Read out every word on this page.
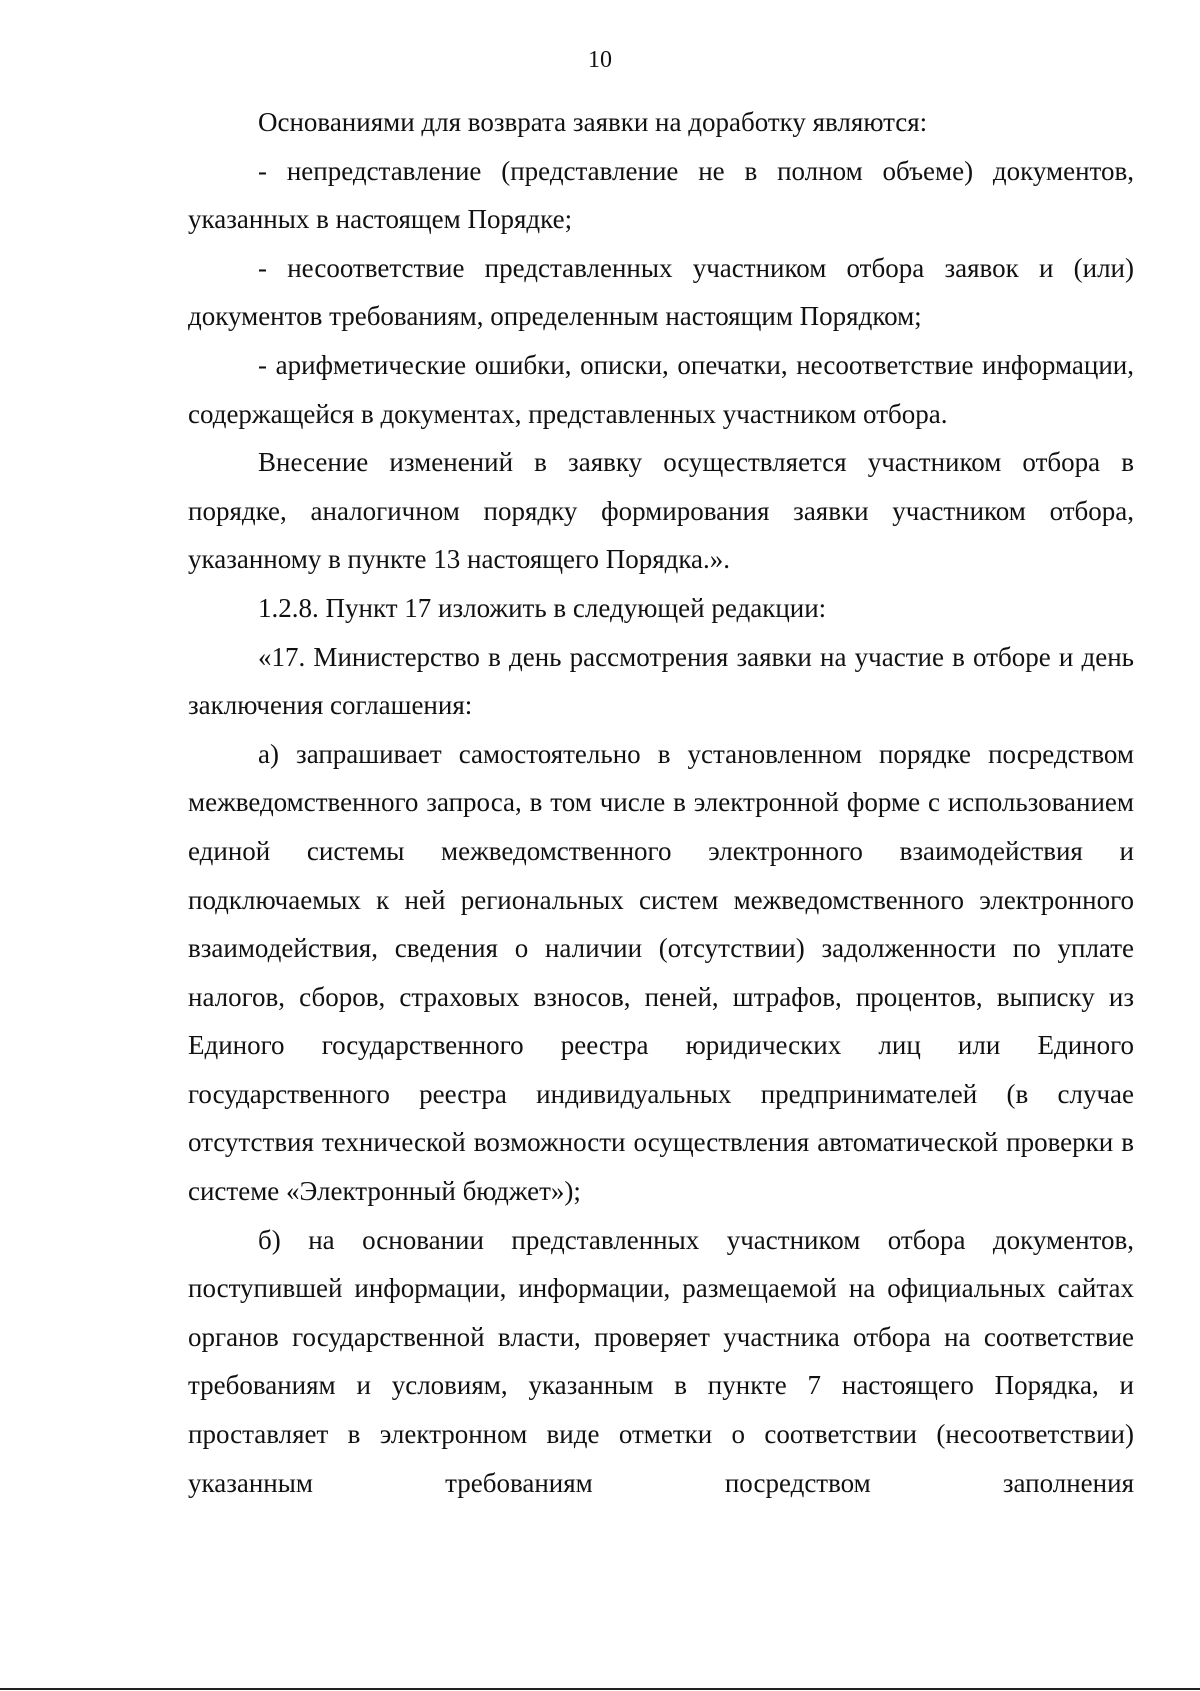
10

Основаниями для возврата заявки на доработку являются:

- непредставление (представление не в полном объеме) документов, указанных в настоящем Порядке;

- несоответствие представленных участником отбора заявок и (или) документов требованиям, определенным настоящим Порядком;

- арифметические ошибки, описки, опечатки, несоответствие информации, содержащейся в документах, представленных участником отбора.

Внесение изменений в заявку осуществляется участником отбора в порядке, аналогичном порядку формирования заявки участником отбора, указанному в пункте 13 настоящего Порядка.».

1.2.8. Пункт 17 изложить в следующей редакции:

«17. Министерство в день рассмотрения заявки на участие в отборе и день заключения соглашения:

а) запрашивает самостоятельно в установленном порядке посредством межведомственного запроса, в том числе в электронной форме с использованием единой системы межведомственного электронного взаимодействия и подключаемых к ней региональных систем межведомственного электронного взаимодействия, сведения о наличии (отсутствии) задолженности по уплате налогов, сборов, страховых взносов, пеней, штрафов, процентов, выписку из Единого государственного реестра юридических лиц или Единого государственного реестра индивидуальных предпринимателей (в случае отсутствия технической возможности осуществления автоматической проверки в системе «Электронный бюджет»);

б) на основании представленных участником отбора документов, поступившей информации, информации, размещаемой на официальных сайтах органов государственной власти, проверяет участника отбора на соответствие требованиям и условиям, указанным в пункте 7 настоящего Порядка, и проставляет в электронном виде отметки о соответствии (несоответствии) указанным требованиям посредством заполнения
